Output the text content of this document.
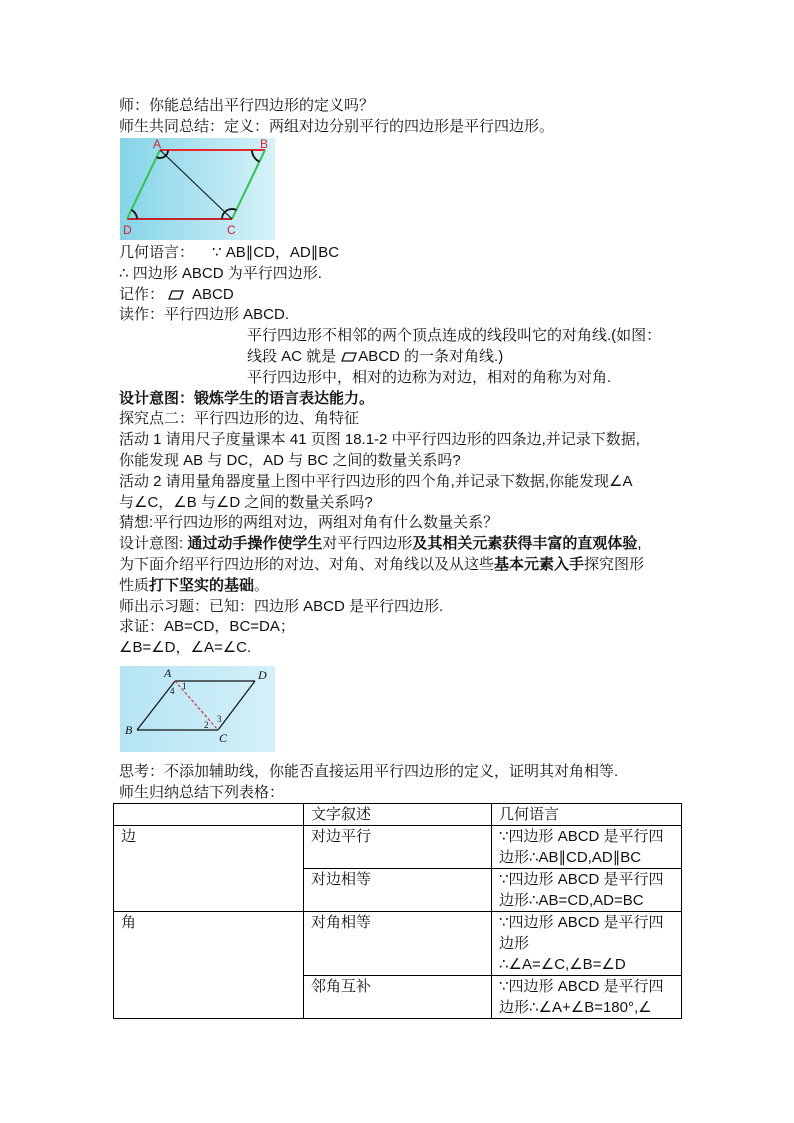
师：你能总结出平行四边形的定义吗？
师生共同总结：定义：两组对边分别平行的四边形是平行四边形。
A	B
C
D
几何语言： ∵ AB∥CD，AD∥BC
∴ 四边形 ABCD 为平行四边形.
记作： ABCD
读作：平行四边形 ABCD.
平行四边形不相邻的两个顶点连成的线段叫它的对角线.(如图：
线段 AC 就是 ABCD 的一条对角线.)
平行四边形中，相对的边称为对边，相对的角称为对角.
设计意图：锻炼学生的语言表达能力。
探究点二：平行四边形的边、角特征
活动 1 请用尺子度量课本 41 页图 18.1-2 中平行四边形的四条边,并记录下数据,
你能发现 AB 与 DC，AD 与 BC 之间的数量关系吗?
活动 2 请用量角器度量上图中平行四边形的四个角,并记录下数据,你能发现∠A
与∠C，∠B 与∠D 之间的数量关系吗?
猜想:平行四边形的两组对边，两组对角有什么数量关系？
设计意图: 通过动手操作使学生对平行四边形及其相关元素获得丰富的直观体验,
为下面介绍平行四边形的对边、对角、对角线以及从这些基本元素入手探究图形
性质打下坚实的基础。
师出示习题：已知：四边形 ABCD 是平行四边形.
求证：AB=CD，BC=DA；
∠B=∠D，∠A=∠C.
A	D
B
C
4 1
2
3
思考：不添加辅助线，你能否直接运用平行四边形的定义，证明其对角相等.
师生归纳总结下列表格：
	文字叙述	几何语言
边	对边平行	∵四边形 ABCD 是平行四
边形∴AB∥CD,AD∥BC

	对边相等	∵四边形 ABCD 是平行四
边形∴AB=CD,AD=BC

角	对角相等	∵四边形 ABCD 是平行四
边形
∴∠A=∠C,∠B=∠D

	邻角互补	∵四边形 ABCD 是平行四
边形∴∠A+∠B=180°,∠
